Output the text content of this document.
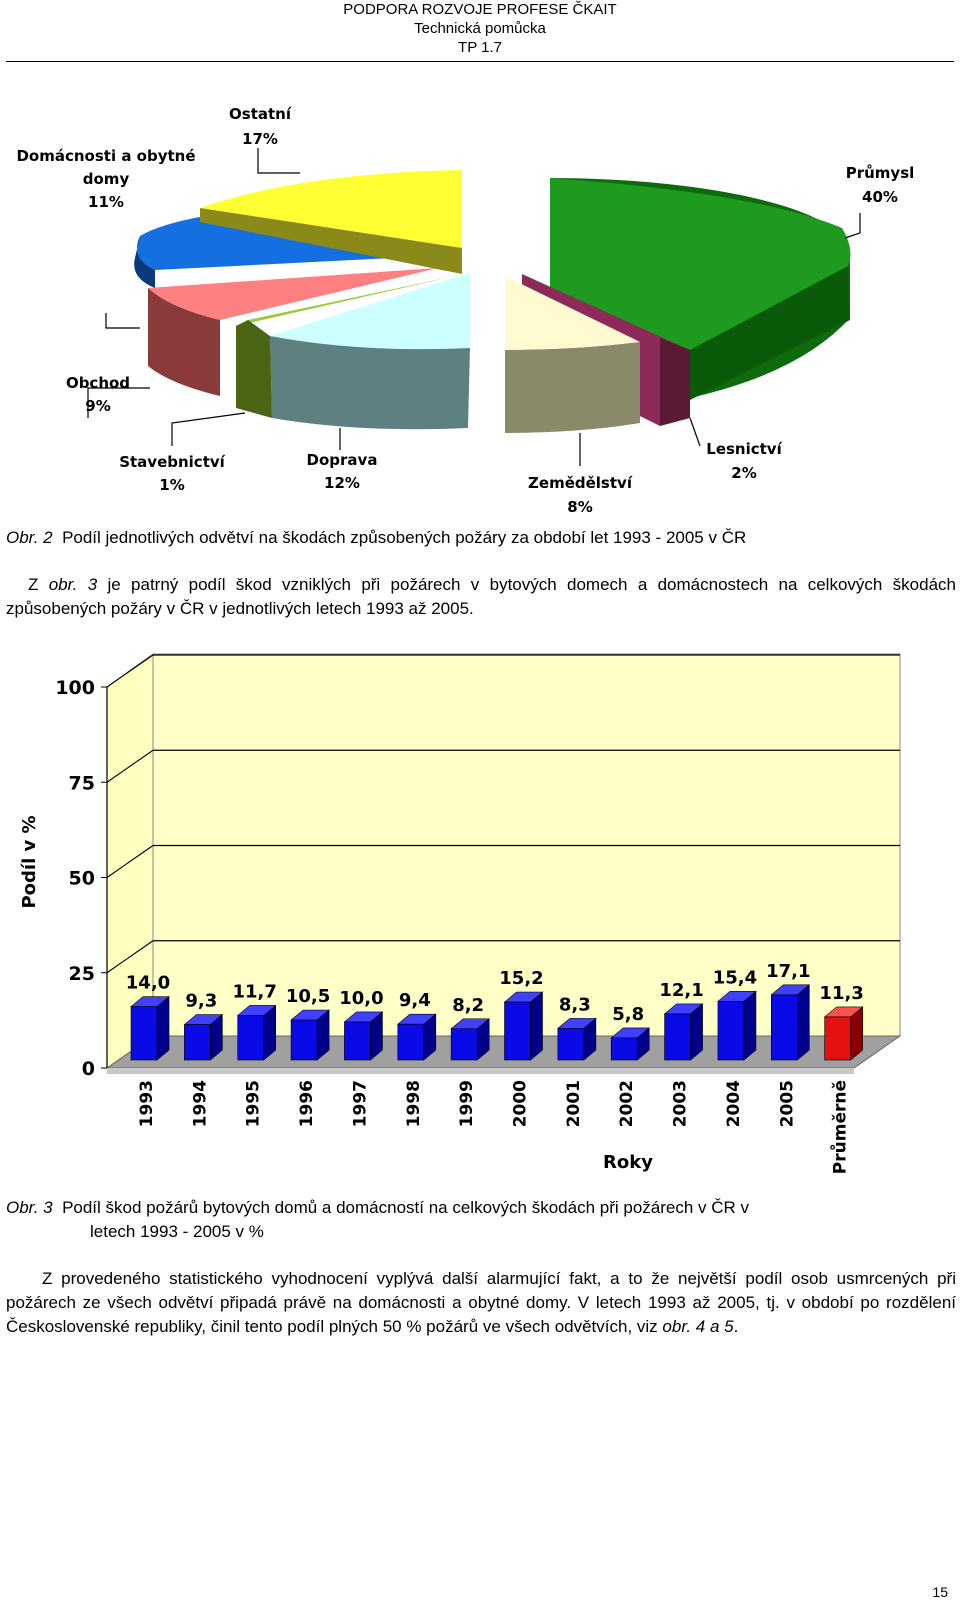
PODPORA ROZVOJE PROFESE ČKAIT
Technická pomůcka
TP 1.7
Ostatní
17%
Domácnosti a obytné
domy
11%
Průmysl
40%
Obchod
9%
Stavebnictví
1%
Doprava
12%	Zemědělství
8%
Lesnictví
2%
Obr. 2 Podíl jednotlivých odvětví na škodách způsobených požáry za období let 1993 - 2005 v ČR
Z obr. 3 je patrný podíl škod vzniklých při požárech v bytových domech a domácnostech na celkových škodách způsobených požáry v ČR v jednotlivých letech 1993 až 2005.
0
25
50
75
100
14,0
9,3 11,7 10,5 10,0 9,4 8,2
15,2
8,3 5,8
12,1
15,4 17,1
11,3
1993 1994 1995 1996 1997 1998 1999 2000 2001 2002 2003 2004 2005 Průměrně
Podíl v %
Roky
Obr. 3 Podíl škod požárů bytových domů a domácností na celkových škodách při požárech v ČR v
letech 1993 - 2005 v %
Z provedeného statistického vyhodnocení vyplývá další alarmující fakt, a to že největší podíl osob usmrcených při požárech ze všech odvětví připadá právě na domácnosti a obytné domy. V letech 1993 až 2005, tj. v období po rozdělení Československé republiky, činil tento podíl plných 50 % požárů ve všech odvětvích, viz obr. 4 a 5.
15
